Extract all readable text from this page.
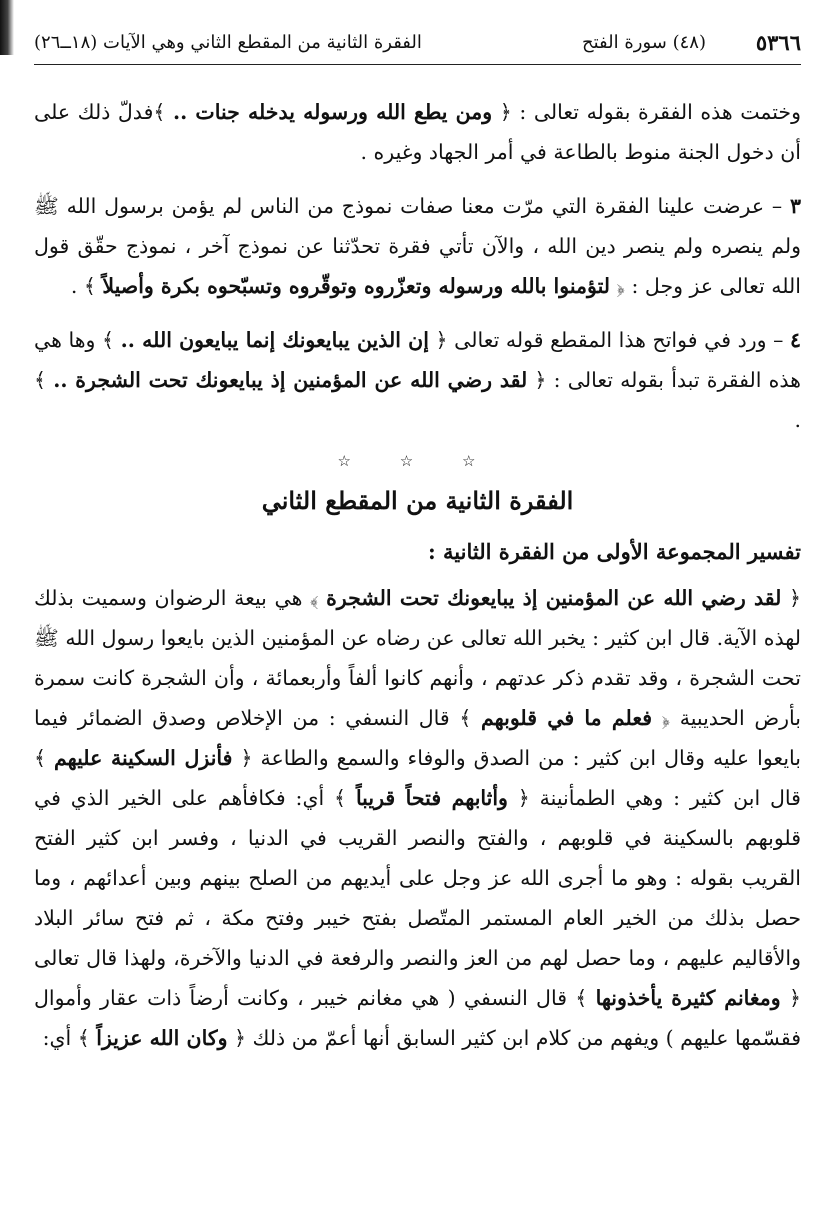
٥٣٦٦
(٤٨) سورة الفتح
الفقرة الثانية من المقطع الثاني وهي الآيات (١٨ــ٢٦)

وختمت هذه الفقرة بقوله تعالى : ﴿ ومن يطع الله ورسوله يدخله جنات .. ﴾فدلّ ذلك على أن دخول الجنة منوط بالطاعة في أمر الجهاد وغيره .

٣ – عرضت علينا الفقرة التي مرّت معنا صفات نموذج من الناس لم يؤمن برسول الله ﷺ ولم ينصره ولم ينصر دين الله ، والآن تأتي فقرة تحدّثنا عن نموذج آخر ، نموذج حقّق قول الله تعالى عز وجل : ﴿ لتؤمنوا بالله ورسوله وتعزّروه وتوقّروه وتسبّحوه بكرة وأصيلاً ﴾ .

٤ – ورد في فواتح هذا المقطع قوله تعالى ﴿ إن الذين يبايعونك إنما يبايعون الله .. ﴾ وها هي هذه الفقرة تبدأ بقوله تعالى : ﴿ لقد رضي الله عن المؤمنين إذ يبايعونك تحت الشجرة .. ﴾ .

☆ ☆ ☆
الفقرة الثانية من المقطع الثاني
تفسير المجموعة الأولى من الفقرة الثانية :

﴿ لقد رضي الله عن المؤمنين إذ يبايعونك تحت الشجرة ﴾ هي بيعة الرضوان وسميت بذلك لهذه الآية. قال ابن كثير : يخبر الله تعالى عن رضاه عن المؤمنين الذين بايعوا رسول الله ﷺ تحت الشجرة ، وقد تقدم ذكر عدتهم ، وأنهم كانوا ألفاً وأربعمائة ، وأن الشجرة كانت سمرة بأرض الحديبية ﴿ فعلم ما في قلوبهم ﴾ قال النسفي : من الإخلاص وصدق الضمائر فيما بايعوا عليه وقال ابن كثير : من الصدق والوفاء والسمع والطاعة ﴿ فأنزل السكينة عليهم ﴾ قال ابن كثير : وهي الطمأنينة ﴿ وأثابهم فتحاً قريباً ﴾ أي: فكافأهم على الخير الذي في قلوبهم بالسكينة في قلوبهم ، والفتح والنصر القريب في الدنيا ، وفسر ابن كثير الفتح القريب بقوله : وهو ما أجرى الله عز وجل على أيديهم من الصلح بينهم وبين أعدائهم ، وما حصل بذلك من الخير العام المستمر المتّصل بفتح خيبر وفتح مكة ، ثم فتح سائر البلاد والأقاليم عليهم ، وما حصل لهم من العز والنصر والرفعة في الدنيا والآخرة، ولهذا قال تعالى ﴿ ومغانم كثيرة يأخذونها ﴾ قال النسفي ( هي مغانم خيبر ، وكانت أرضاً ذات عقار وأموال فقسّمها عليهم ) ويفهم من كلام ابن كثير السابق أنها أعمّ من ذلك ﴿ وكان الله عزيزاً ﴾ أي:
